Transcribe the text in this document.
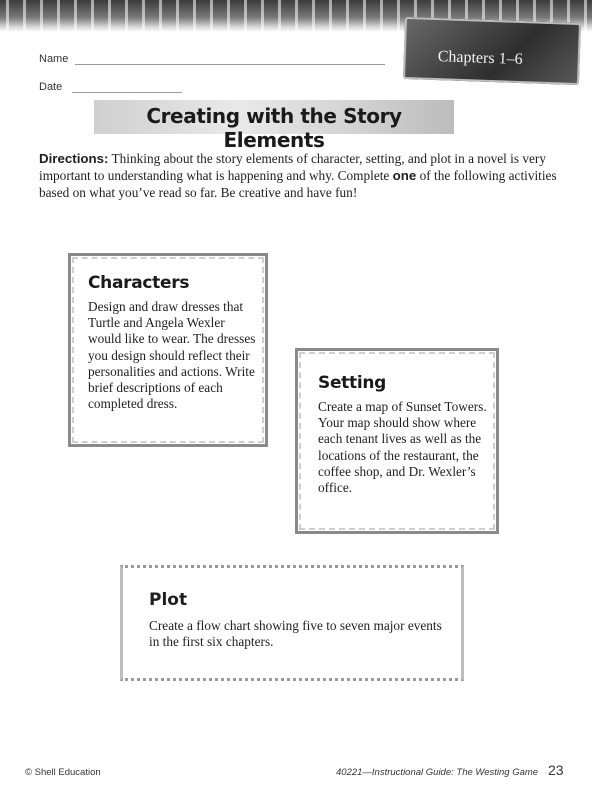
Chapters 1–6
Name
Date
Creating with the Story Elements
Directions: Thinking about the story elements of character, setting, and plot in a novel is very important to understanding what is happening and why. Complete one of the following activities based on what you’ve read so far. Be creative and have fun!
Characters
Design and draw dresses that Turtle and Angela Wexler would like to wear. The dresses you design should reflect their personalities and actions. Write brief descriptions of each completed dress.
Setting
Create a map of Sunset Towers. Your map should show where each tenant lives as well as the locations of the restaurant, the coffee shop, and Dr. Wexler’s office.
Plot
Create a flow chart showing five to seven major events in the first six chapters.
© Shell Education	40221—Instructional Guide: The Westing Game 23
